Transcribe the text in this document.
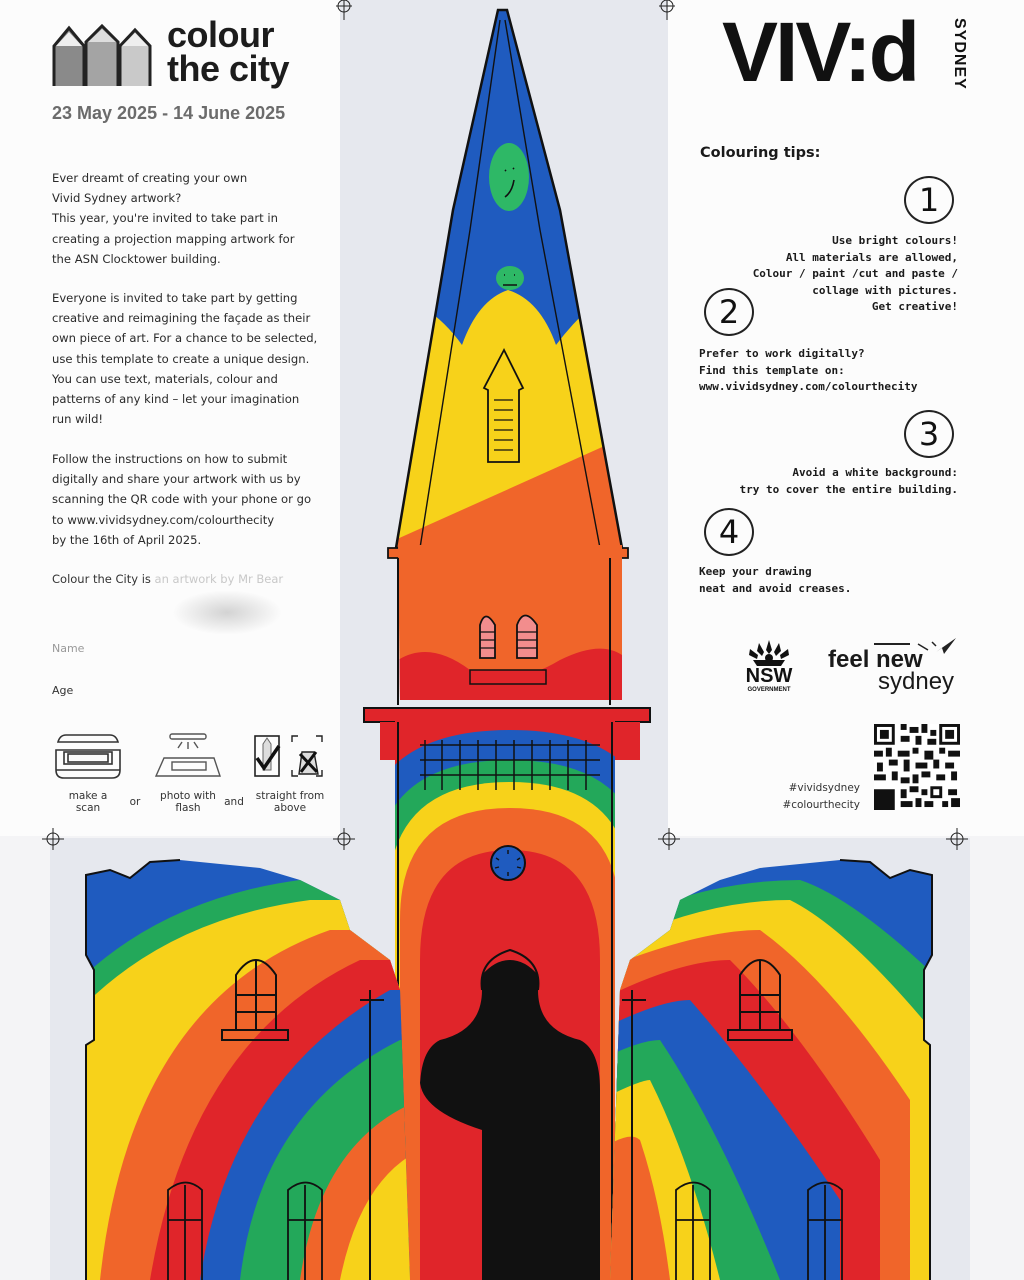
colour
the city
23 May 2025 - 14 June 2025

Ever dreamt of creating your own

Vivid Sydney artwork?

This year, you're invited to take part in

creating a projection mapping artwork for

the ASN Clocktower building.

Everyone is invited to take part by getting

creative and reimagining the façade as their

own piece of art. For a chance to be selected,

use this template to create a unique design.

You can use text, materials, colour and

patterns of any kind – let your imagination

run wild!

Follow the instructions on how to submit

digitally and share your artwork with us by

scanning the QR code with your phone or go

to www.vividsydney.com/colourthecity

by the 16th of April 2025.

Colour the City is an artwork by Mr Bear
Name
Age
make a
scan	or	photo with
flash	and	straight from
above
VIV:d SYDNEY
Colouring tips:
1

Use bright colours!

All materials are allowed,

Colour / paint /cut and paste /

collage with pictures.

Get creative!

2

Prefer to work digitally?

Find this template on:

www.vividsydney.com/colourthecity

3

Avoid a white background:

try to cover the entire building.

4

Keep your drawing

neat and avoid creases.

NSW
GOVERNMENT
feel new
sydney
#vividsydney
#colourthecity
